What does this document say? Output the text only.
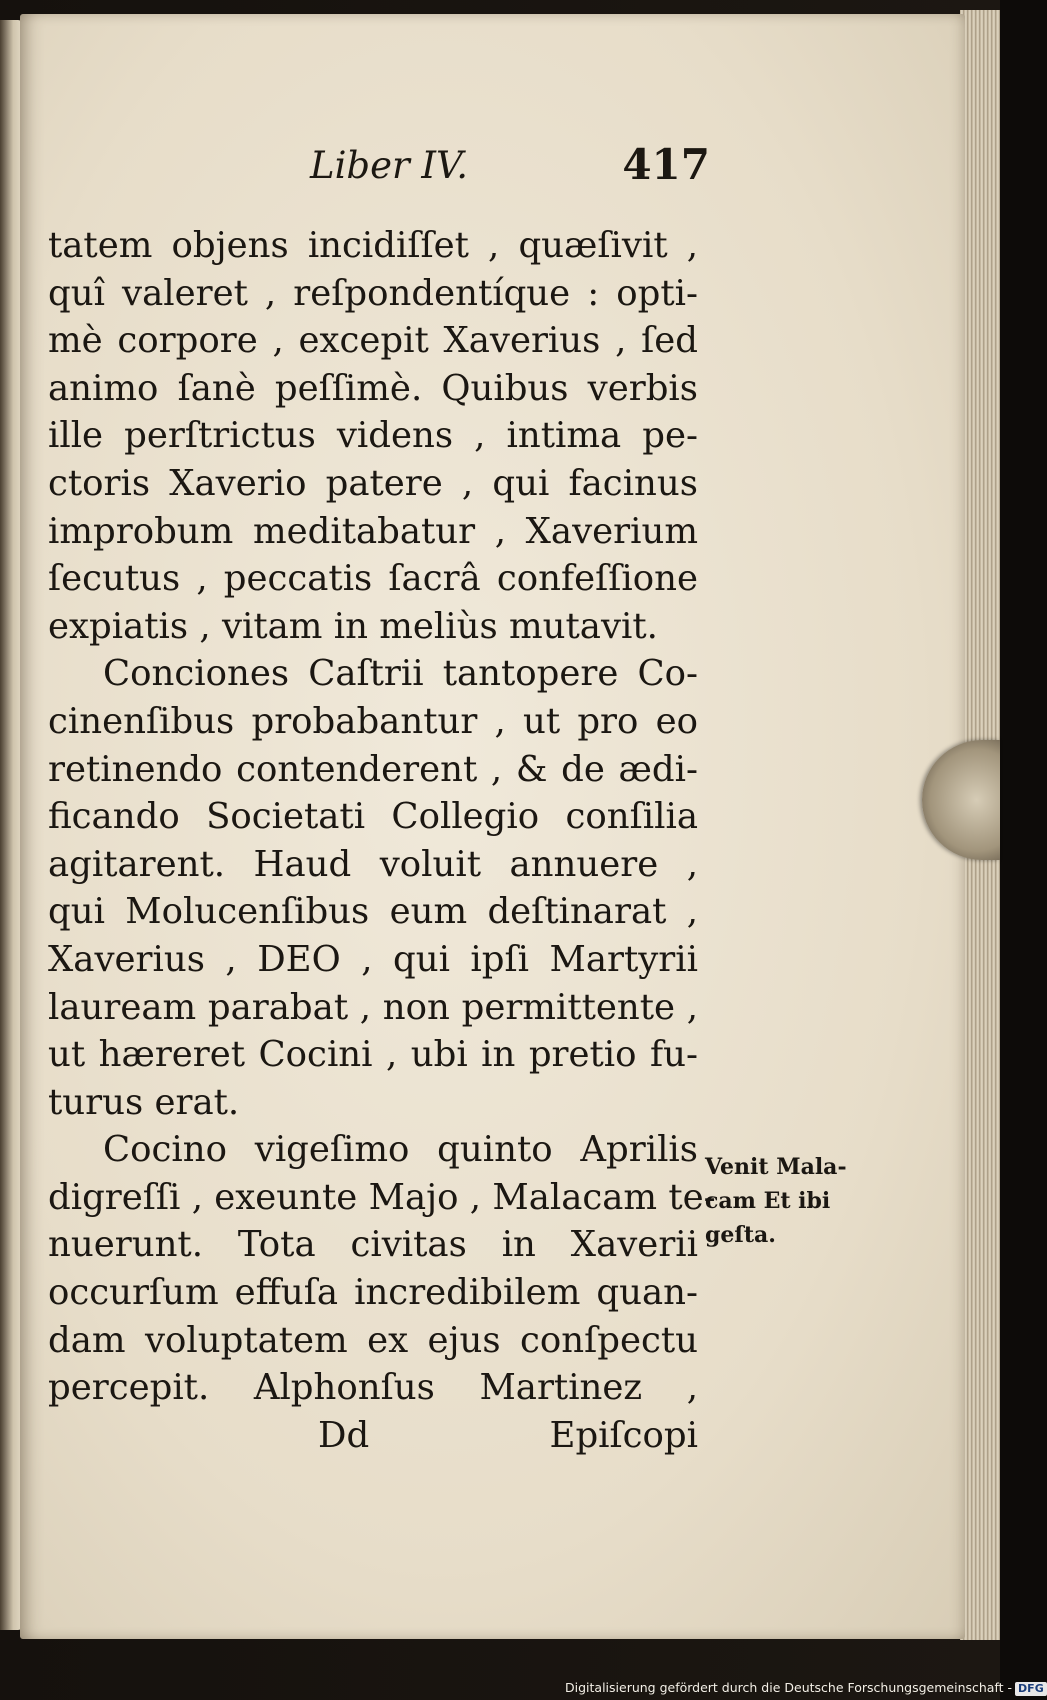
Liber IV.	417
tatem objens incidiſſet , quæſivit ,
quî valeret , reſpondentíque : opti-
mè corpore , excepit Xaverius , ſed
animo ſanè peſſimè. Quibus verbis
ille perſtrictus videns , intima pe-
ctoris Xaverio patere , qui facinus
improbum meditabatur , Xaverium
ſecutus , peccatis ſacrâ confeſſione
expiatis , vitam in meliùs mutavit.
Conciones Caſtrii tantopere Co-
cinenſibus probabantur , ut pro eo
retinendo contenderent , & de ædi-
ficando Societati Collegio conſilia
agitarent. Haud voluit annuere ,
qui Molucenſibus eum deſtinarat ,
Xaverius , DEO , qui ipſi Martyrii
lauream parabat , non permittente ,
ut hæreret Cocini , ubi in pretio fu-
turus erat.
Cocino vigeſimo quinto Aprilis
digreſſi , exeunte Majo , Malacam te-
nuerunt. Tota civitas in Xaverii
occurſum effuſa incredibilem quan-
dam voluptatem ex ejus conſpectu
percepit. Alphonſus Martinez ,
Dd	Epiſcopi
Venit Mala-
cam Et ibi
geſta.
Digitalisierung gefördert durch die Deutsche Forschungsgemeinschaft - DFG
